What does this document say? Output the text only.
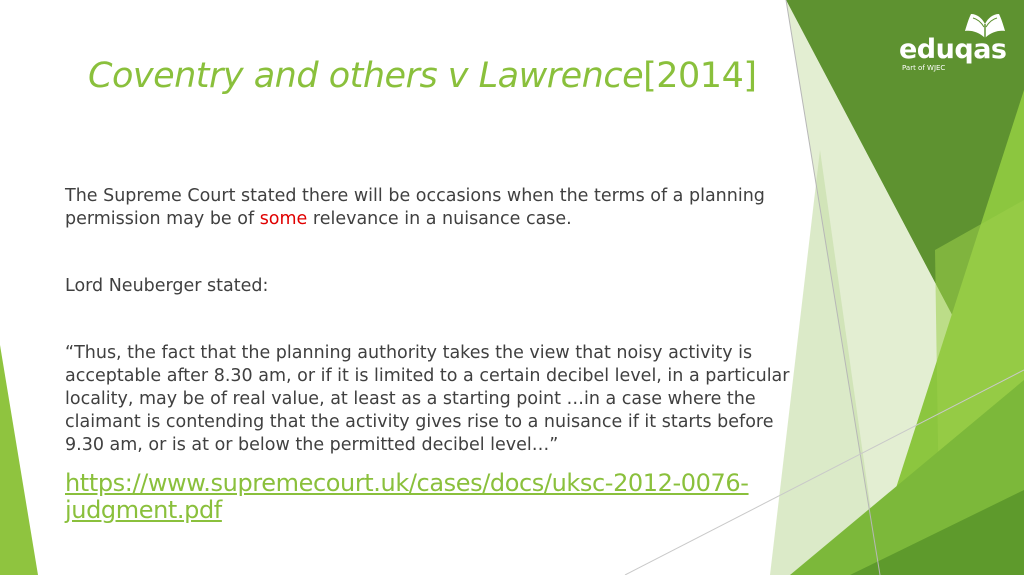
Coventry and others v Lawrence[2014]

The Supreme Court stated there will be occasions when the terms of a planning permission may be of some relevance in a nuisance case.

Lord Neuberger stated:

“Thus, the fact that the planning authority takes the view that noisy activity is acceptable after 8.30 am, or if it is limited to a certain decibel level, in a particular locality, may be of real value, at least as a starting point …in a case where the claimant is contending that the activity gives rise to a nuisance if it starts before 9.30 am, or is at or below the permitted decibel level…”

https://www.supremecourt.uk/cases/docs/uksc-2012-0076-judgment.pdf
eduqas
Part of WJEC
